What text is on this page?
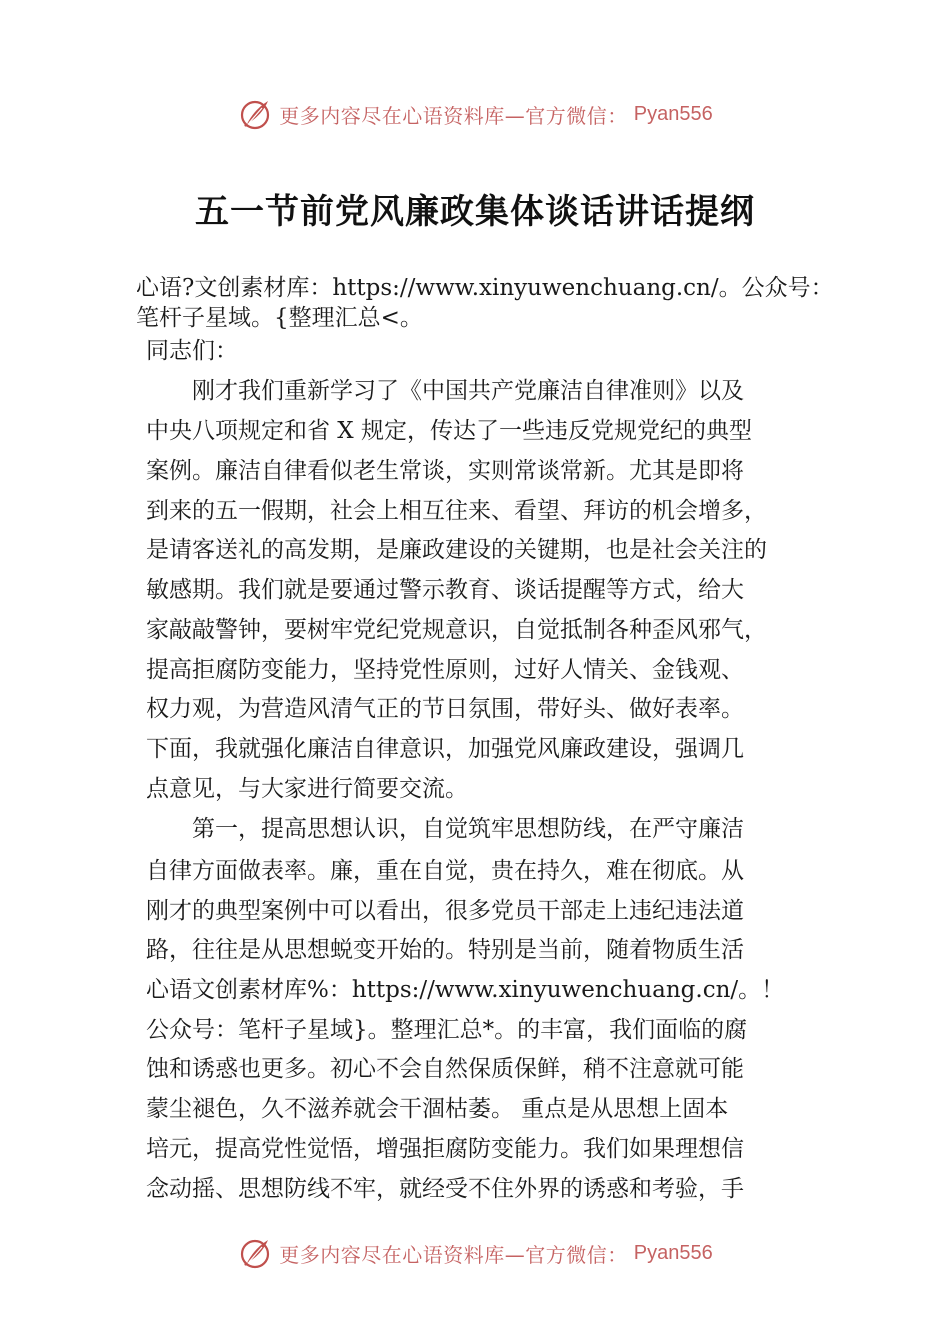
更多内容尽在心语资料库—官方微信： Pyan556
五一节前党风廉政集体谈话讲话提纲
心语?文创素材库：https://www.xinyuwenchuang.cn/。公众号：
笔杆子星域。{整理汇总<。
同志们：
　　刚才我们重新学习了《中国共产党廉洁自律准则》以及
中央八项规定和省 X 规定，传达了一些违反党规党纪的典型
案例。廉洁自律看似老生常谈，实则常谈常新。尤其是即将
到来的五一假期，社会上相互往来、看望、拜访的机会增多，
是请客送礼的高发期，是廉政建设的关键期，也是社会关注的
敏感期。我们就是要通过警示教育、谈话提醒等方式，给大
家敲敲警钟，要树牢党纪党规意识，自觉抵制各种歪风邪气，
提高拒腐防变能力，坚持党性原则，过好人情关、金钱观、
权力观，为营造风清气正的节日氛围，带好头、做好表率。
下面，我就强化廉洁自律意识，加强党风廉政建设，强调几
点意见，与大家进行简要交流。
　　第一，提高思想认识，自觉筑牢思想防线，在严守廉洁
自律方面做表率。廉，重在自觉，贵在持久，难在彻底。从
刚才的典型案例中可以看出，很多党员干部走上违纪违法道
路，往往是从思想蜕变开始的。特别是当前，随着物质生活
心语文创素材库%：https://www.xinyuwenchuang.cn/。！
公众号：笔杆子星域}。整理汇总*。的丰富，我们面临的腐
蚀和诱惑也更多。初心不会自然保质保鲜，稍不注意就可能
蒙尘褪色，久不滋养就会干涸枯萎。 重点是从思想上固本
培元，提高党性觉悟，增强拒腐防变能力。我们如果理想信
念动摇、思想防线不牢，就经受不住外界的诱惑和考验，手
更多内容尽在心语资料库—官方微信： Pyan556
